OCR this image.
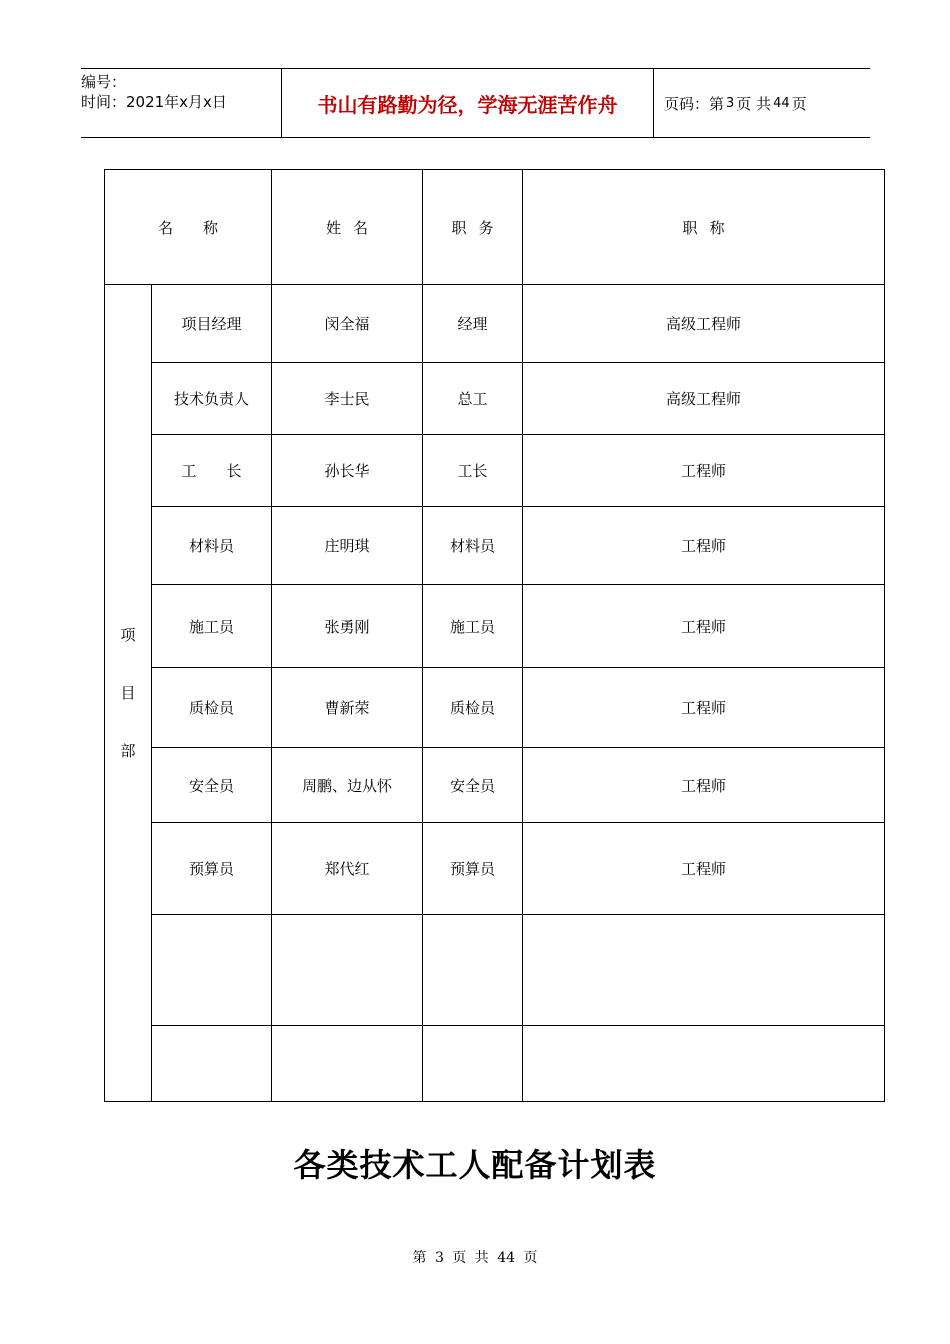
编号：
时间：2021年x月x日	书山有路勤为径，学海无涯苦作舟	页码：第 3 页 共 44 页
名　　称		姓名	职务	职称
项目部	项目经理	闵全福	经理	高级工程师
	技术负责人	李士民	总工	高级工程师
	工　　长	孙长华	工长	工程师
	材料员	庄明琪	材料员	工程师
	施工员	张勇刚	施工员	工程师
	质检员	曹新荣	质检员	工程师
	安全员	周鹏、边从怀	安全员	工程师
	预算员	郑代红	预算员	工程师

各类技术工人配备计划表
第 3 页 共 44 页
